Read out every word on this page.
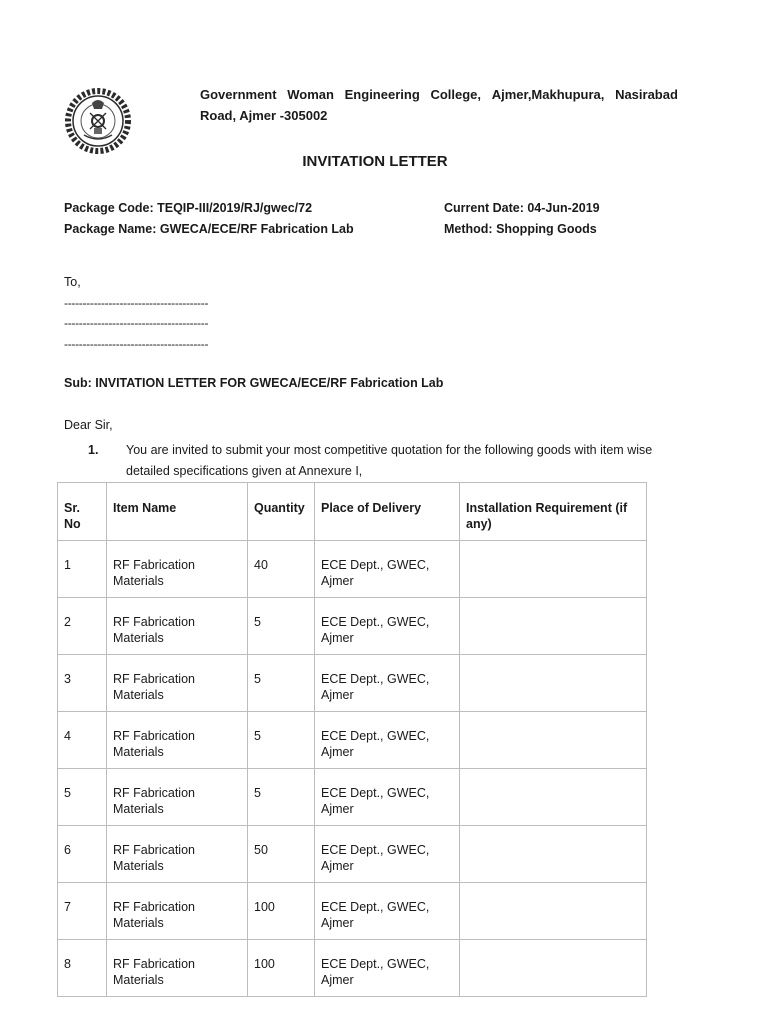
Government Woman Engineering College, Ajmer,Makhupura, Nasirabad
Road, Ajmer -305002
INVITATION LETTER
Package Code: TEQIP-III/2019/RJ/gwec/72
Package Name: GWECA/ECE/RF Fabrication Lab
Current Date: 04-Jun-2019
Method: Shopping Goods
To,
---------------------------------------
---------------------------------------
---------------------------------------
Sub: INVITATION LETTER FOR GWECA/ECE/RF Fabrication Lab
Dear Sir,
1. You are invited to submit your most competitive quotation for the following goods with item wise
detailed specifications given at Annexure I,
Sr.
No	Item Name	Quantity	Place of Delivery	Installation Requirement (if
any)
1	RF Fabrication
Materials	40	ECE Dept., GWEC,
Ajmer	
2	RF Fabrication
Materials	5	ECE Dept., GWEC,
Ajmer	
3	RF Fabrication
Materials	5	ECE Dept., GWEC,
Ajmer	
4	RF Fabrication
Materials	5	ECE Dept., GWEC,
Ajmer	
5	RF Fabrication
Materials	5	ECE Dept., GWEC,
Ajmer	
6	RF Fabrication
Materials	50	ECE Dept., GWEC,
Ajmer	
7	RF Fabrication
Materials	100	ECE Dept., GWEC,
Ajmer	
8	RF Fabrication
Materials	100	ECE Dept., GWEC,
Ajmer	
